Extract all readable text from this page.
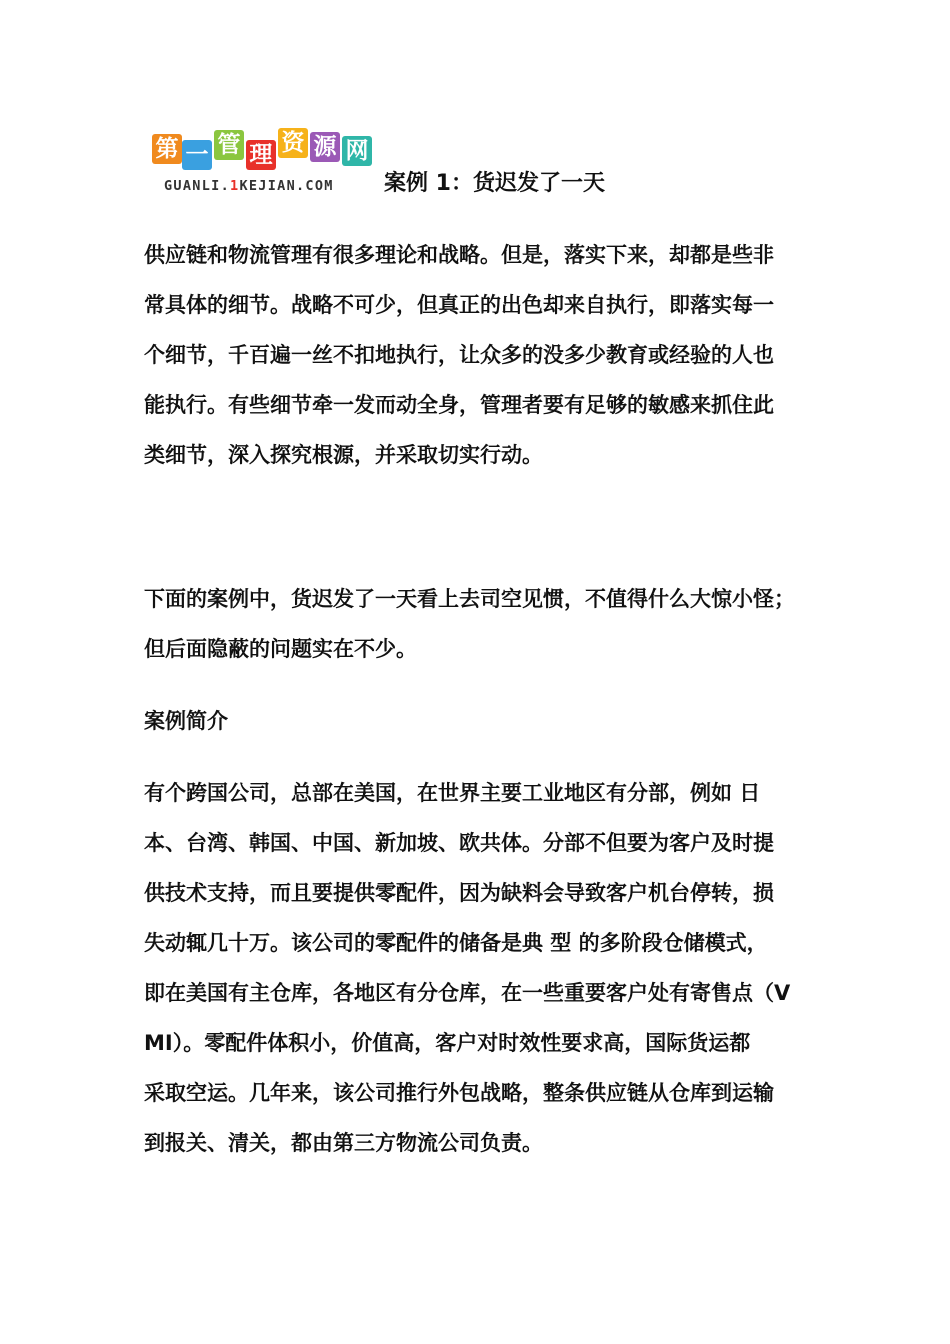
第 一 管 理 资 源 网
GUANLI.1KEJIAN.COM 案例 1：货迟发了一天
供应链和物流管理有很多理论和战略。但是，落实下来，却都是些非
常具体的细节。战略不可少，但真正的出色却来自执行，即落实每一
个细节，千百遍一丝不扣地执行，让众多的没多少教育或经验的人也
能执行。有些细节牵一发而动全身，管理者要有足够的敏感来抓住此
类细节，深入探究根源，并采取切实行动。
下面的案例中，货迟发了一天看上去司空见惯，不值得什么大惊小怪；
但后面隐蔽的问题实在不少。
案例简介
有个跨国公司，总部在美国，在世界主要工业地区有分部，例如 日
本、台湾、韩国、中国、新加坡、欧共体。分部不但要为客户及时提
供技术支持，而且要提供零配件，因为缺料会导致客户机台停转，损
失动辄几十万。该公司的零配件的储备是典 型 的多阶段仓储模式，
即在美国有主仓库，各地区有分仓库，在一些重要客户处有寄售点（V
MI）。零配件体积小，价值高，客户对时效性要求高，国际货运都
采取空运。几年来，该公司推行外包战略，整条供应链从仓库到运输
到报关、清关，都由第三方物流公司负责。
